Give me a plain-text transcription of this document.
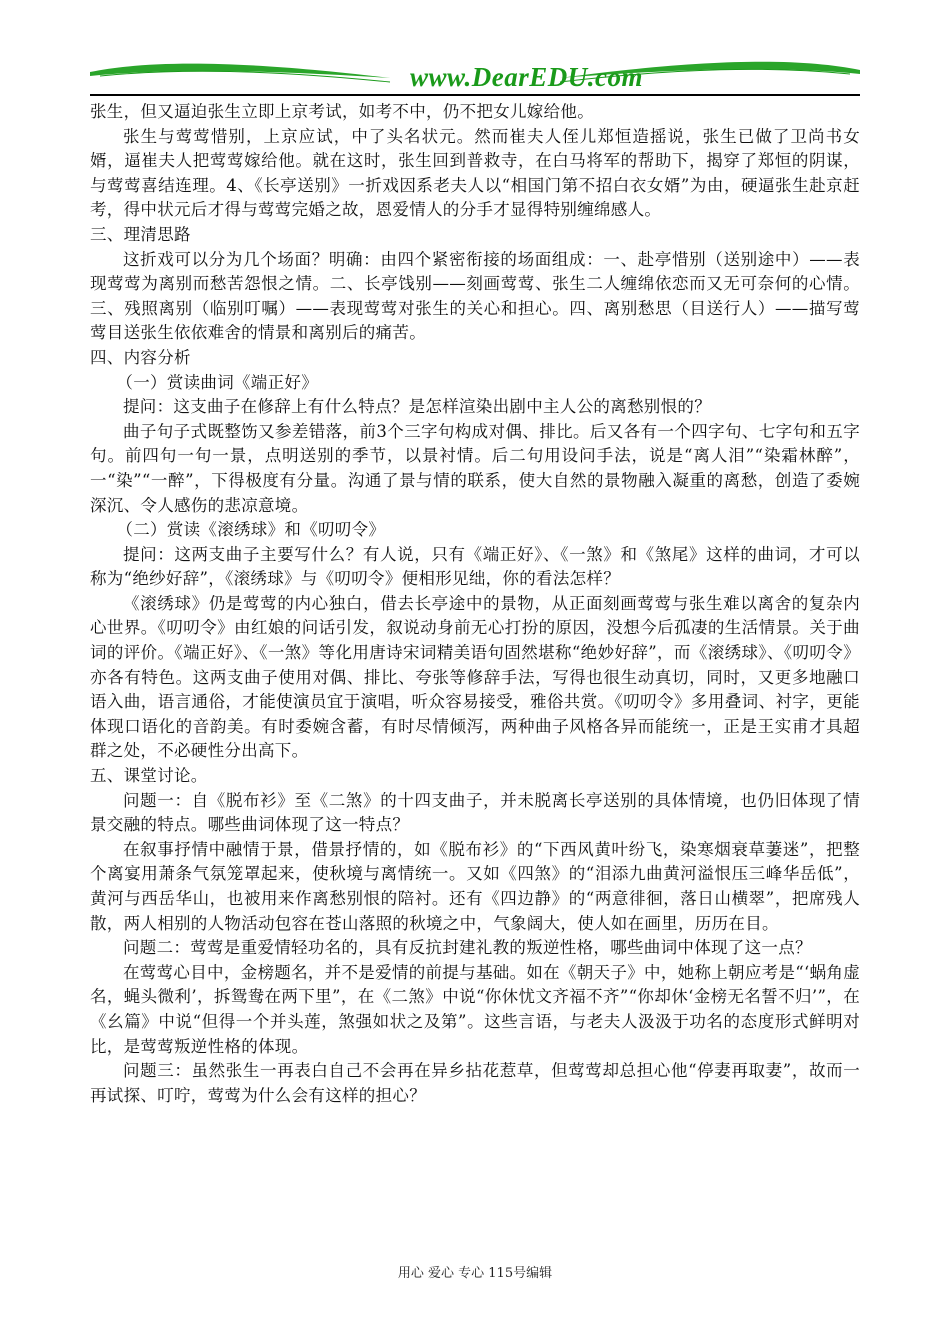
www.DearEDU.com

张生，但又逼迫张生立即上京考试，如考不中，仍不把女儿嫁给他。

张生与莺莺惜别，上京应试，中了头名状元。然而崔夫人侄儿郑恒造摇说，张生已做了卫尚书女婿，逼崔夫人把莺莺嫁给他。就在这时，张生回到普救寺，在白马将军的帮助下，揭穿了郑恒的阴谋，与莺莺喜结连理。4、《长亭送别》一折戏因系老夫人以“相国门第不招白衣女婿”为由，硬逼张生赴京赶考，得中状元后才得与莺莺完婚之故，恩爱情人的分手才显得特别缠绵感人。

三、理清思路

这折戏可以分为几个场面？明确：由四个紧密衔接的场面组成：一、赴亭惜别（送别途中）——表现莺莺为离别而愁苦怨恨之情。二、长亭饯别——刻画莺莺、张生二人缠绵依恋而又无可奈何的心情。三、残照离别（临别叮嘱）——表现莺莺对张生的关心和担心。四、离别愁思（目送行人）——描写莺莺目送张生依依难舍的情景和离别后的痛苦。

四、内容分析

（一）赏读曲词《端正好》

提问：这支曲子在修辞上有什么特点？是怎样渲染出剧中主人公的离愁别恨的？

曲子句子式既整饬又参差错落，前3个三字句构成对偶、排比。后又各有一个四字句、七字句和五字句。前四句一句一景，点明送别的季节，以景衬情。后二句用设问手法，说是“离人泪”“染霜林醉”，一“染”“一醉”，下得极度有分量。沟通了景与情的联系，使大自然的景物融入凝重的离愁，创造了委婉深沉、令人感伤的悲凉意境。

（二）赏读《滚绣球》和《叨叨令》

提问：这两支曲子主要写什么？有人说，只有《端正好》、《一煞》和《煞尾》这样的曲词，才可以称为“绝纱好辞”，《滚绣球》与《叨叨令》便相形见绌，你的看法怎样？

《滚绣球》仍是莺莺的内心独白，借去长亭途中的景物，从正面刻画莺莺与张生难以离舍的复杂内心世界。《叨叨令》由红娘的问话引发，叙说动身前无心打扮的原因，没想今后孤凄的生活情景。关于曲词的评价。《端正好》、《一煞》等化用唐诗宋词精美语句固然堪称“绝妙好辞”，而《滚绣球》、《叨叨令》亦各有特色。这两支曲子使用对偶、排比、夸张等修辞手法，写得也很生动真切，同时，又更多地融口语入曲，语言通俗，才能使演员宜于演唱，听众容易接受，雅俗共赏。《叨叨令》多用叠词、衬字，更能体现口语化的音韵美。有时委婉含蓄，有时尽情倾泻，两种曲子风格各异而能统一，正是王实甫才具超群之处，不必硬性分出高下。

五、课堂讨论。

问题一：自《脱布衫》至《二煞》的十四支曲子，并未脱离长亭送别的具体情境，也仍旧体现了情景交融的特点。哪些曲词体现了这一特点？

在叙事抒情中融情于景，借景抒情的，如《脱布衫》的“下西风黄叶纷飞，染寒烟衰草萋迷”，把整个离宴用萧条气氛笼罩起来，使秋境与离情统一。又如《四煞》的“泪添九曲黄河溢恨压三峰华岳低”，黄河与西岳华山，也被用来作离愁别恨的陪衬。还有《四边静》的“两意徘徊，落日山横翠”，把席残人散，两人相别的人物活动包容在苍山落照的秋境之中，气象阔大，使人如在画里，历历在目。

问题二：莺莺是重爱情轻功名的，具有反抗封建礼教的叛逆性格，哪些曲词中体现了这一点？

在莺莺心目中，金榜题名，并不是爱情的前提与基础。如在《朝天子》中，她称上朝应考是“‘蜗角虚名，蝇头微利’，拆鸳鸯在两下里”，在《二煞》中说“你休忧文齐福不齐”“你却休‘金榜无名誓不归’”，在《幺篇》中说“但得一个并头莲，煞强如状之及第”。这些言语，与老夫人汲汲于功名的态度形式鲜明对比，是莺莺叛逆性格的体现。

问题三：虽然张生一再表白自己不会再在异乡拈花惹草，但莺莺却总担心他“停妻再取妻”，故而一再试探、叮咛，莺莺为什么会有这样的担心？

用心 爱心 专心 115号编辑
